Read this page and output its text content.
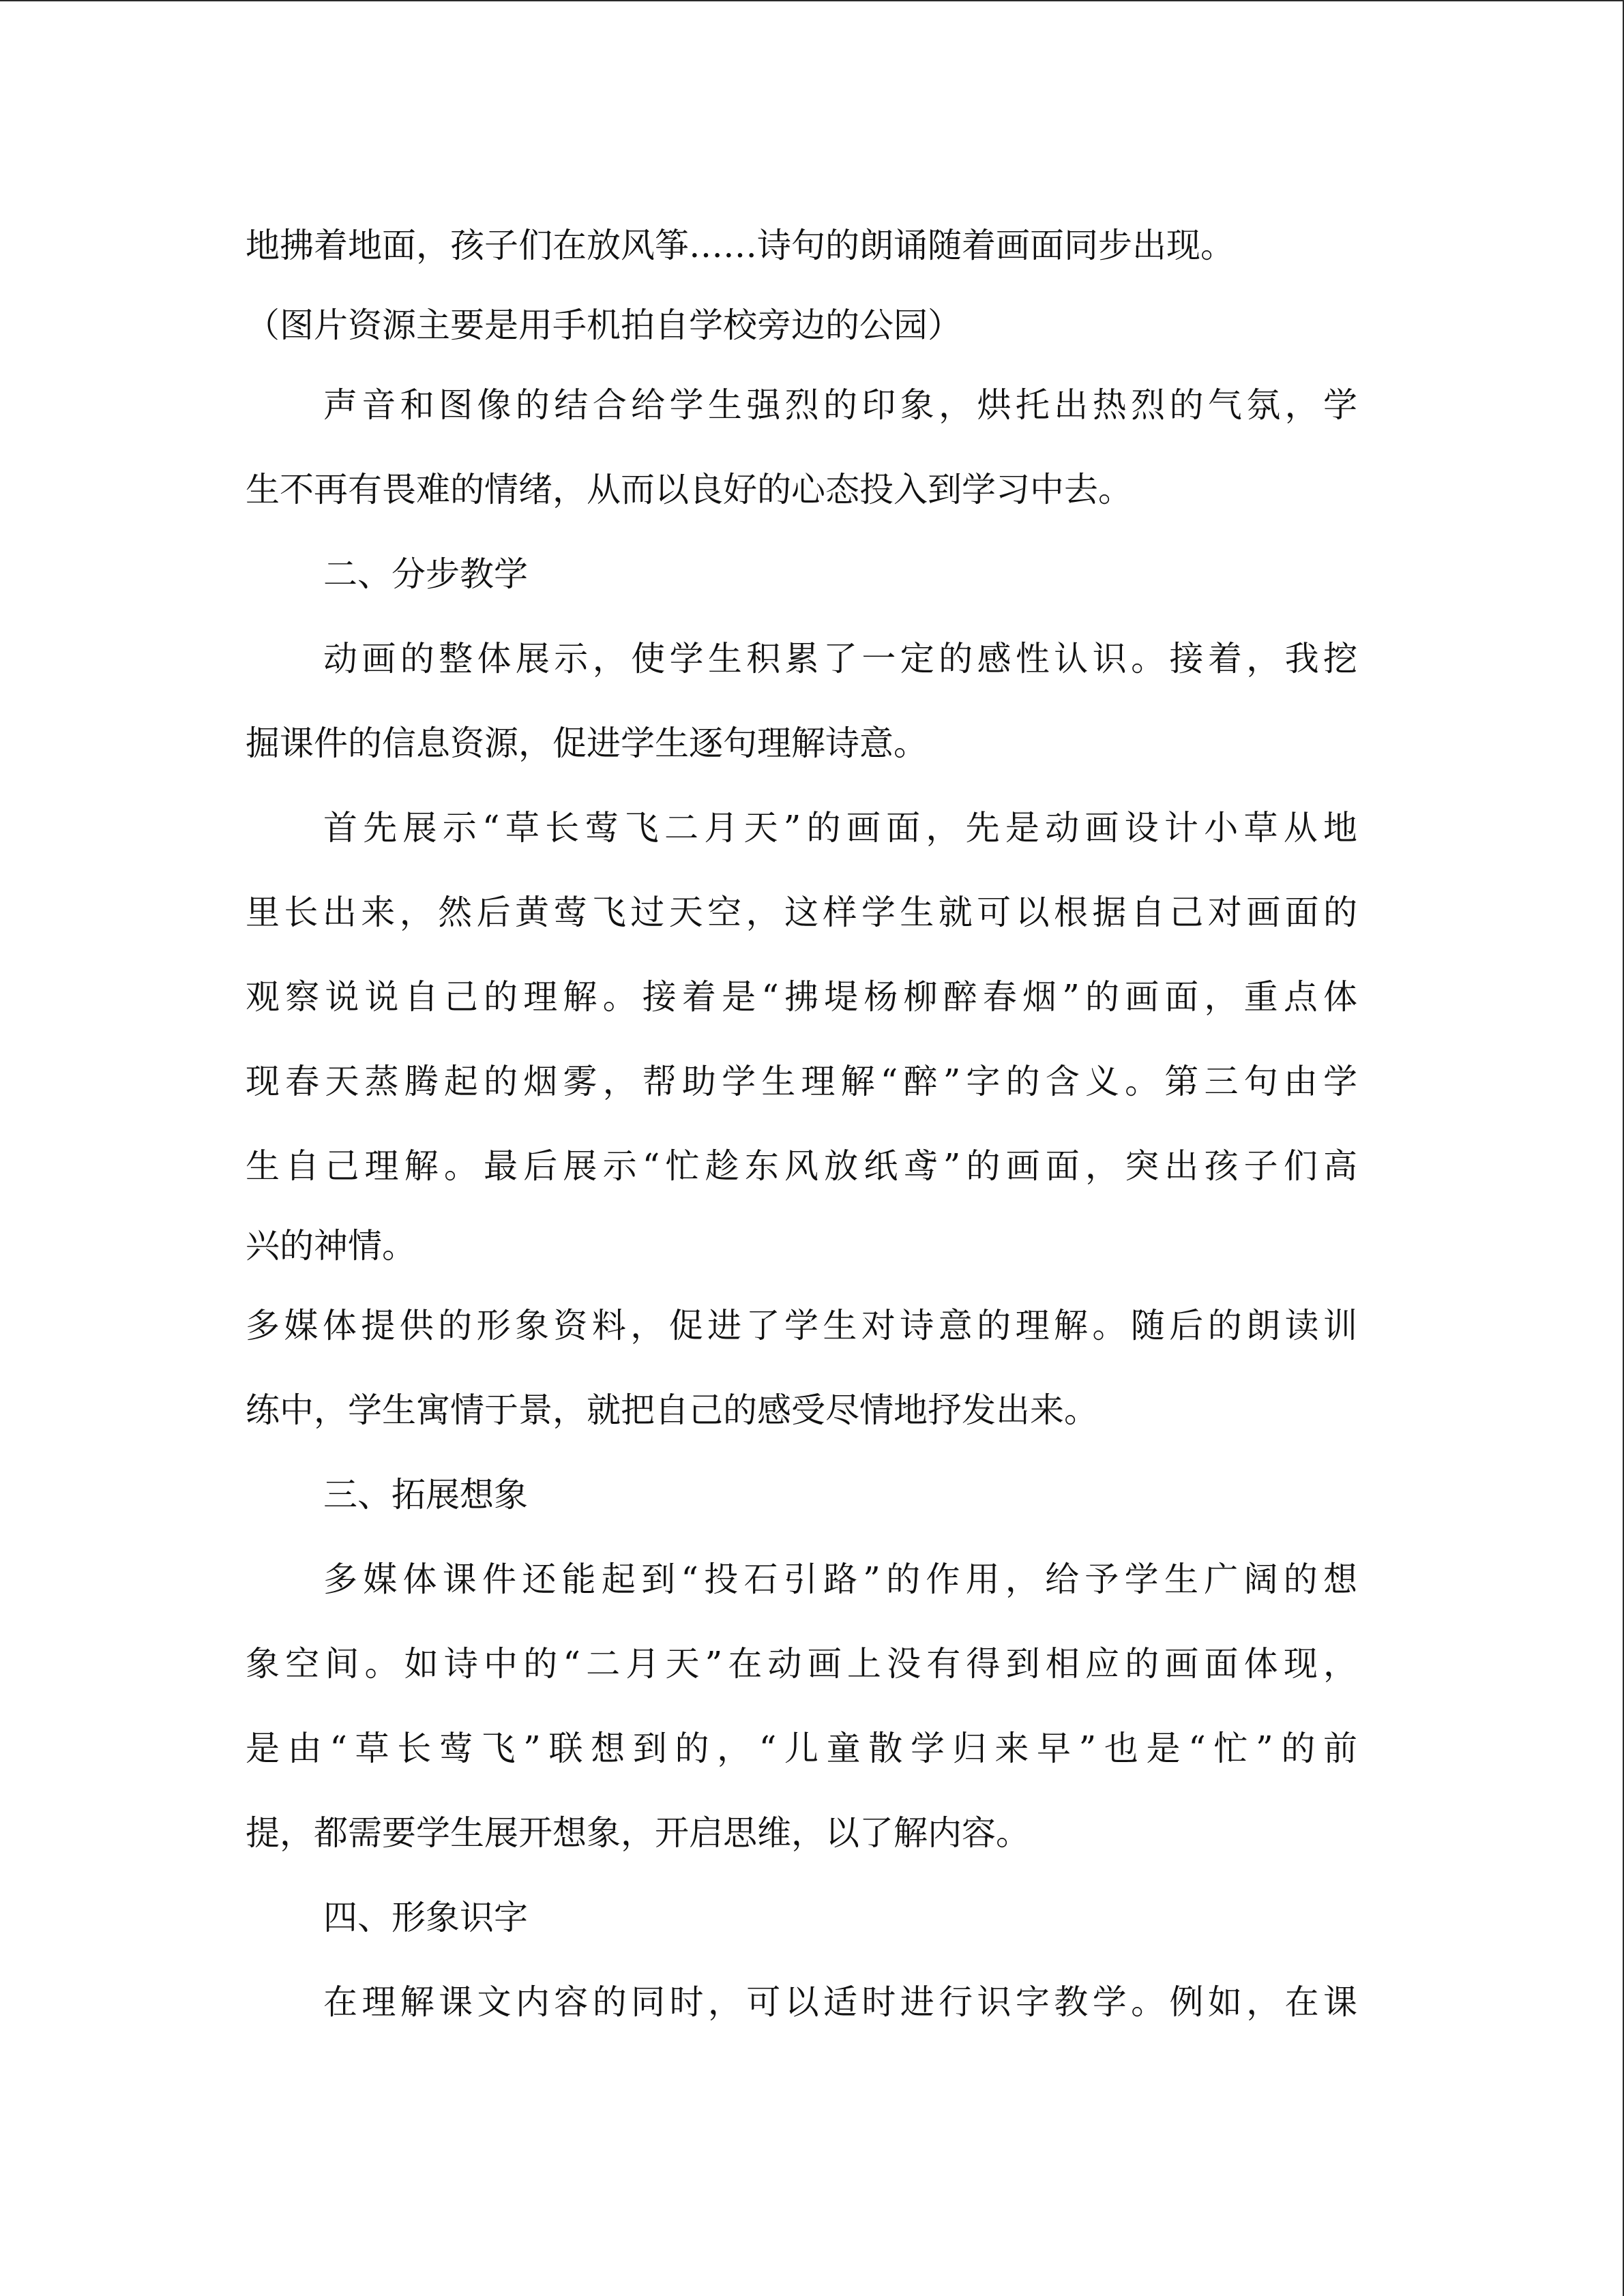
地拂着地面，孩子们在放风筝……诗句的朗诵随着画面同步出现。
（图片资源主要是用手机拍自学校旁边的公园）
声音和图像的结合给学生强烈的印象，烘托出热烈的气氛，学
生不再有畏难的情绪，从而以良好的心态投入到学习中去。
二、分步教学
动画的整体展示，使学生积累了一定的感性认识。接着，我挖
掘课件的信息资源，促进学生逐句理解诗意。
首先展示“草长莺飞二月天”的画面，先是动画设计小草从地
里长出来，然后黄莺飞过天空，这样学生就可以根据自己对画面的
观察说说自己的理解。接着是“拂堤杨柳醉春烟”的画面，重点体
现春天蒸腾起的烟雾，帮助学生理解“醉”字的含义。第三句由学
生自己理解。最后展示“忙趁东风放纸鸢”的画面，突出孩子们高
兴的神情。
多媒体提供的形象资料，促进了学生对诗意的理解。随后的朗读训
练中，学生寓情于景，就把自己的感受尽情地抒发出来。
三、拓展想象
多媒体课件还能起到“投石引路”的作用，给予学生广阔的想
象空间。如诗中的“二月天”在动画上没有得到相应的画面体现，
是由“草长莺飞”联想到的，“儿童散学归来早”也是“忙”的前
提，都需要学生展开想象，开启思维，以了解内容。
四、形象识字
在理解课文内容的同时，可以适时进行识字教学。例如，在课
